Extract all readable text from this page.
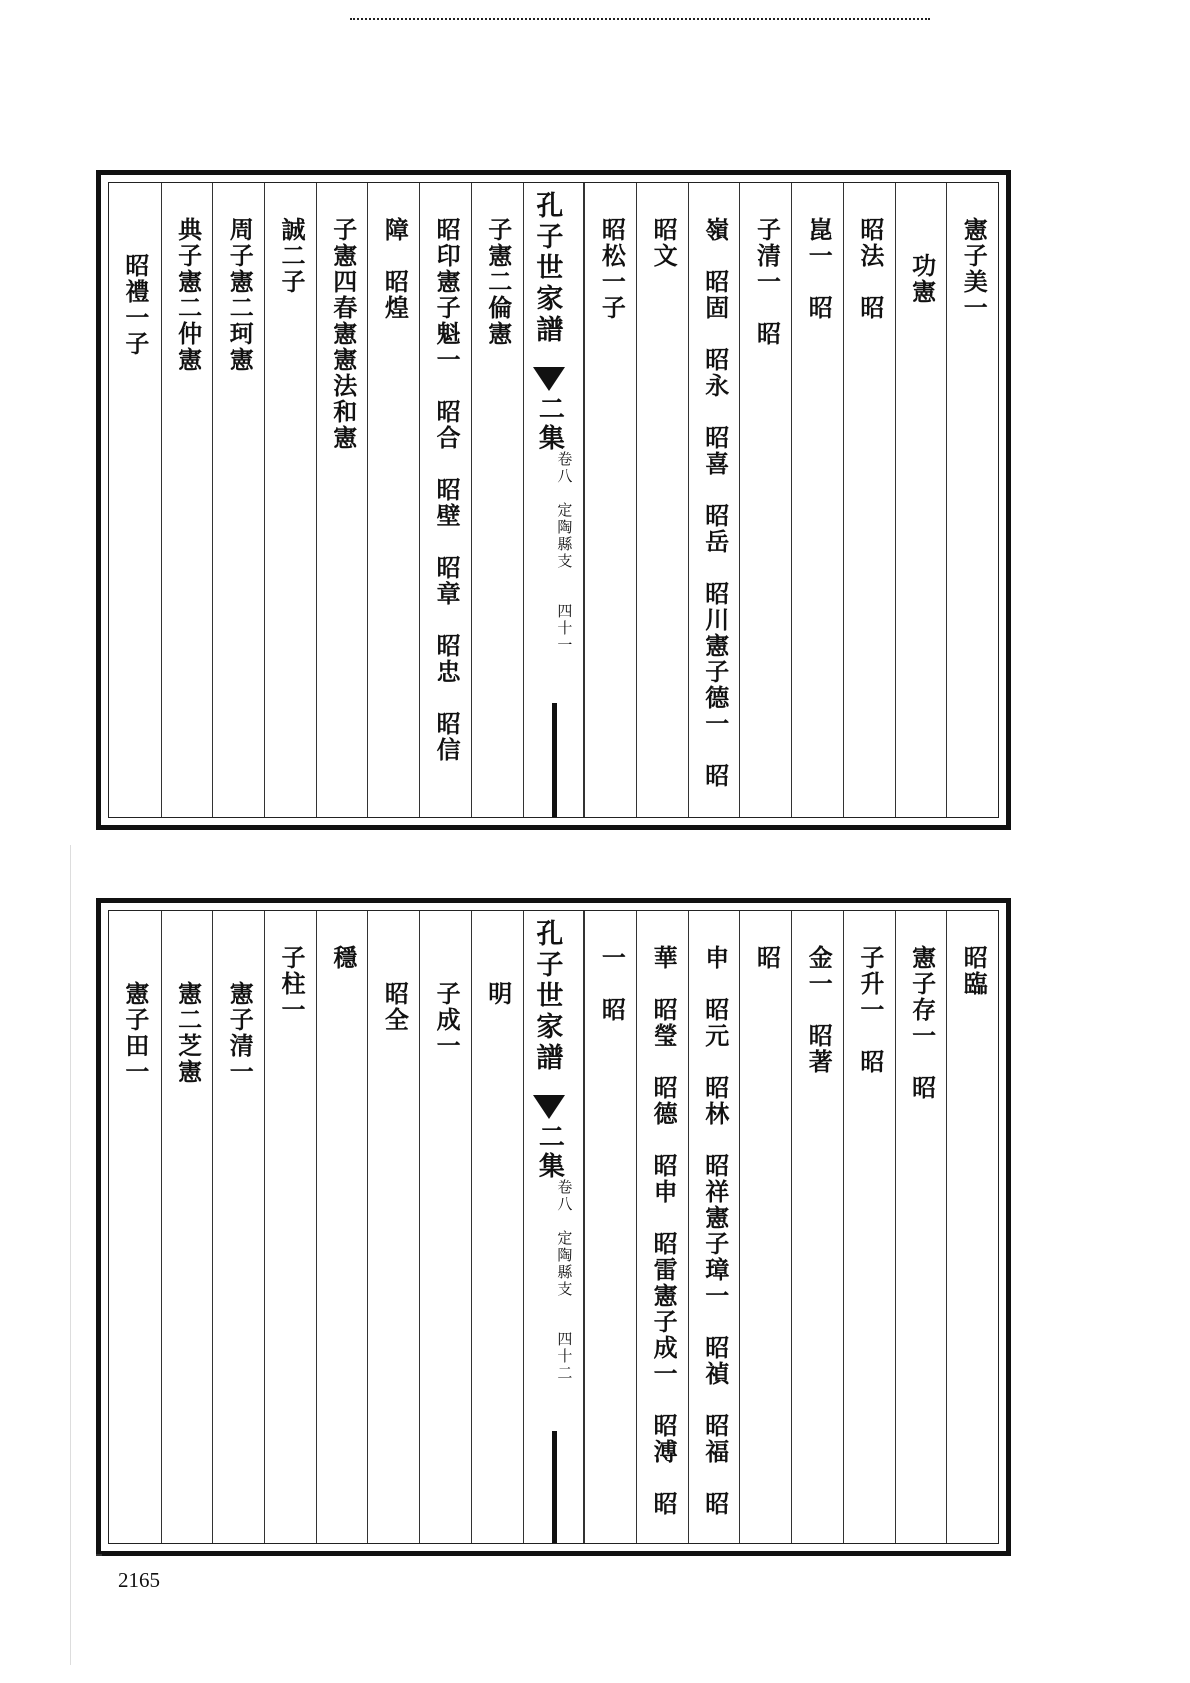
　　　憲子美一
　　　功憲
　　　昭法　昭
　　　崑一　昭
　　　子清一　昭
嶺　昭固　昭永　昭喜　昭岳　昭川憲子德一　昭
　　　　昭文
　　　　昭松一子
孔子世家譜
二集
卷八　定陶縣支
四十一
　　　　子憲二倫憲
昭印憲子魁一　昭合　昭壁　昭章　昭忠　昭信
　障　昭煌
　　子憲四春憲憲法和憲
　　　　誠二子
　　　周子憲二珂憲
　　　典子憲二仲憲
　　　昭禮一子
　　　　　昭臨
　　　憲子存一　昭
　　　子升一　昭
　　金一　昭著
　　　　　昭
申　昭元　昭林　昭祥憲子璋一　昭禎　昭福　昭
華　昭瑩　昭德　昭申　昭雷憲子成一　昭溥　昭
　　　　　一　昭
孔子世家譜
二集
卷八　定陶縣支
四十二
　　　　明
　　　子成一
　　　昭全
　　　　穩
　　　　子柱一
　　　憲子清一
　　　憲二芝憲
　　　憲子田一
2165
